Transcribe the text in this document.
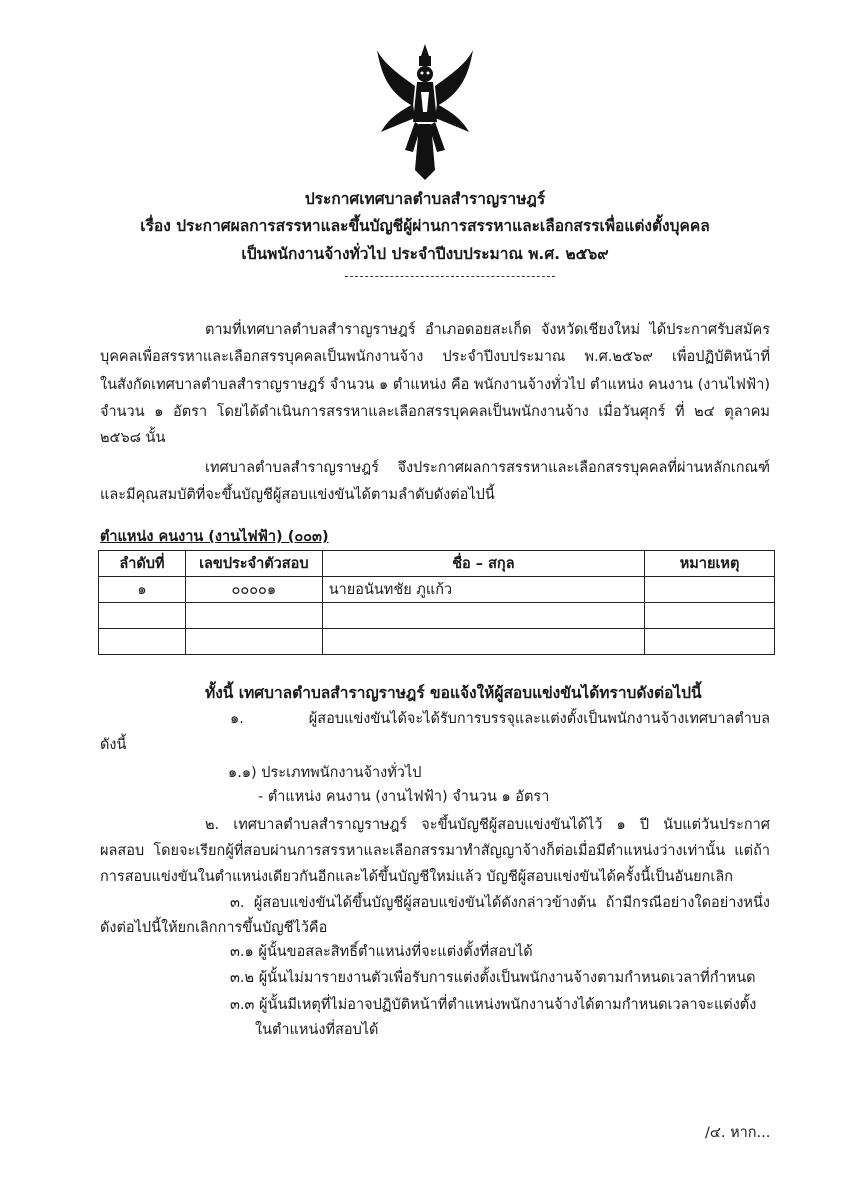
ประกาศเทศบาลตำบลสำราญราษฎร์
เรื่อง ประกาศผลการสรรหาและขึ้นบัญชีผู้ผ่านการสรรหาและเลือกสรรเพื่อแต่งตั้งบุคคล
เป็นพนักงานจ้างทั่วไป ประจำปีงบประมาณ พ.ศ. ๒๕๖๙
ตามที่เทศบาลตำบลสำราญราษฎร์ อำเภอดอยสะเก็ด จังหวัดเชียงใหม่ ได้ประกาศรับสมัคร
บุคคลเพื่อสรรหาและเลือกสรรบุคคลเป็นพนักงานจ้าง ประจำปีงบประมาณ พ.ศ.๒๕๖๙ เพื่อปฏิบัติหน้าที่
ในสังกัดเทศบาลตำบลสำราญราษฎร์ จำนวน ๑ ตำแหน่ง คือ พนักงานจ้างทั่วไป ตำแหน่ง คนงาน (งานไฟฟ้า)
จำนวน ๑ อัตรา โดยได้ดำเนินการสรรหาและเลือกสรรบุคคลเป็นพนักงานจ้าง เมื่อวันศุกร์ ที่ ๒๔ ตุลาคม
๒๕๖๘ นั้น
เทศบาลตำบลสำราญราษฎร์ จึงประกาศผลการสรรหาและเลือกสรรบุคคลที่ผ่านหลักเกณฑ์
และมีคุณสมบัติที่จะขึ้นบัญชีผู้สอบแข่งขันได้ตามลำดับดังต่อไปนี้
ตำแหน่ง คนงาน (งานไฟฟ้า) (๐๐๓)
ลำดับที่	เลขประจำตัวสอบ	ชื่อ – สกุล	หมายเหตุ
๑	๐๐๐๐๑	นายอนันทชัย ภูแก้ว	

ทั้งนี้ เทศบาลตำบลสำราญราษฎร์ ขอแจ้งให้ผู้สอบแข่งขันได้ทราบดังต่อไปนี้
๑. ผู้สอบแข่งขันได้จะได้รับการบรรจุและแต่งตั้งเป็นพนักงานจ้างเทศบาลตำบล
ดังนี้
๑.๑) ประเภทพนักงานจ้างทั่วไป
- ตำแหน่ง คนงาน (งานไฟฟ้า) จำนวน ๑ อัตรา
๒. เทศบาลตำบลสำราญราษฎร์ จะขึ้นบัญชีผู้สอบแข่งขันได้ไว้ ๑ ปี นับแต่วันประกาศ
ผลสอบ โดยจะเรียกผู้ที่สอบผ่านการสรรหาและเลือกสรรมาทำสัญญาจ้างก็ต่อเมื่อมีตำแหน่งว่างเท่านั้น แต่ถ้า
การสอบแข่งขันในตำแหน่งเดียวกันอีกและได้ขึ้นบัญชีใหม่แล้ว บัญชีผู้สอบแข่งขันได้ครั้งนี้เป็นอันยกเลิก
๓. ผู้สอบแข่งขันได้ขึ้นบัญชีผู้สอบแข่งขันได้ดังกล่าวข้างต้น ถ้ามีกรณีอย่างใดอย่างหนึ่ง
ดังต่อไปนี้ให้ยกเลิกการขึ้นบัญชีไว้คือ
๓.๑ ผู้นั้นขอสละสิทธิ์ตำแหน่งที่จะแต่งตั้งที่สอบได้
๓.๒ ผู้นั้นไม่มารายงานตัวเพื่อรับการแต่งตั้งเป็นพนักงานจ้างตามกำหนดเวลาที่กำหนด
๓.๓ ผู้นั้นมีเหตุที่ไม่อาจปฏิบัติหน้าที่ตำแหน่งพนักงานจ้างได้ตามกำหนดเวลาจะแต่งตั้ง
ในตำแหน่งที่สอบได้
/๔. หาก...
